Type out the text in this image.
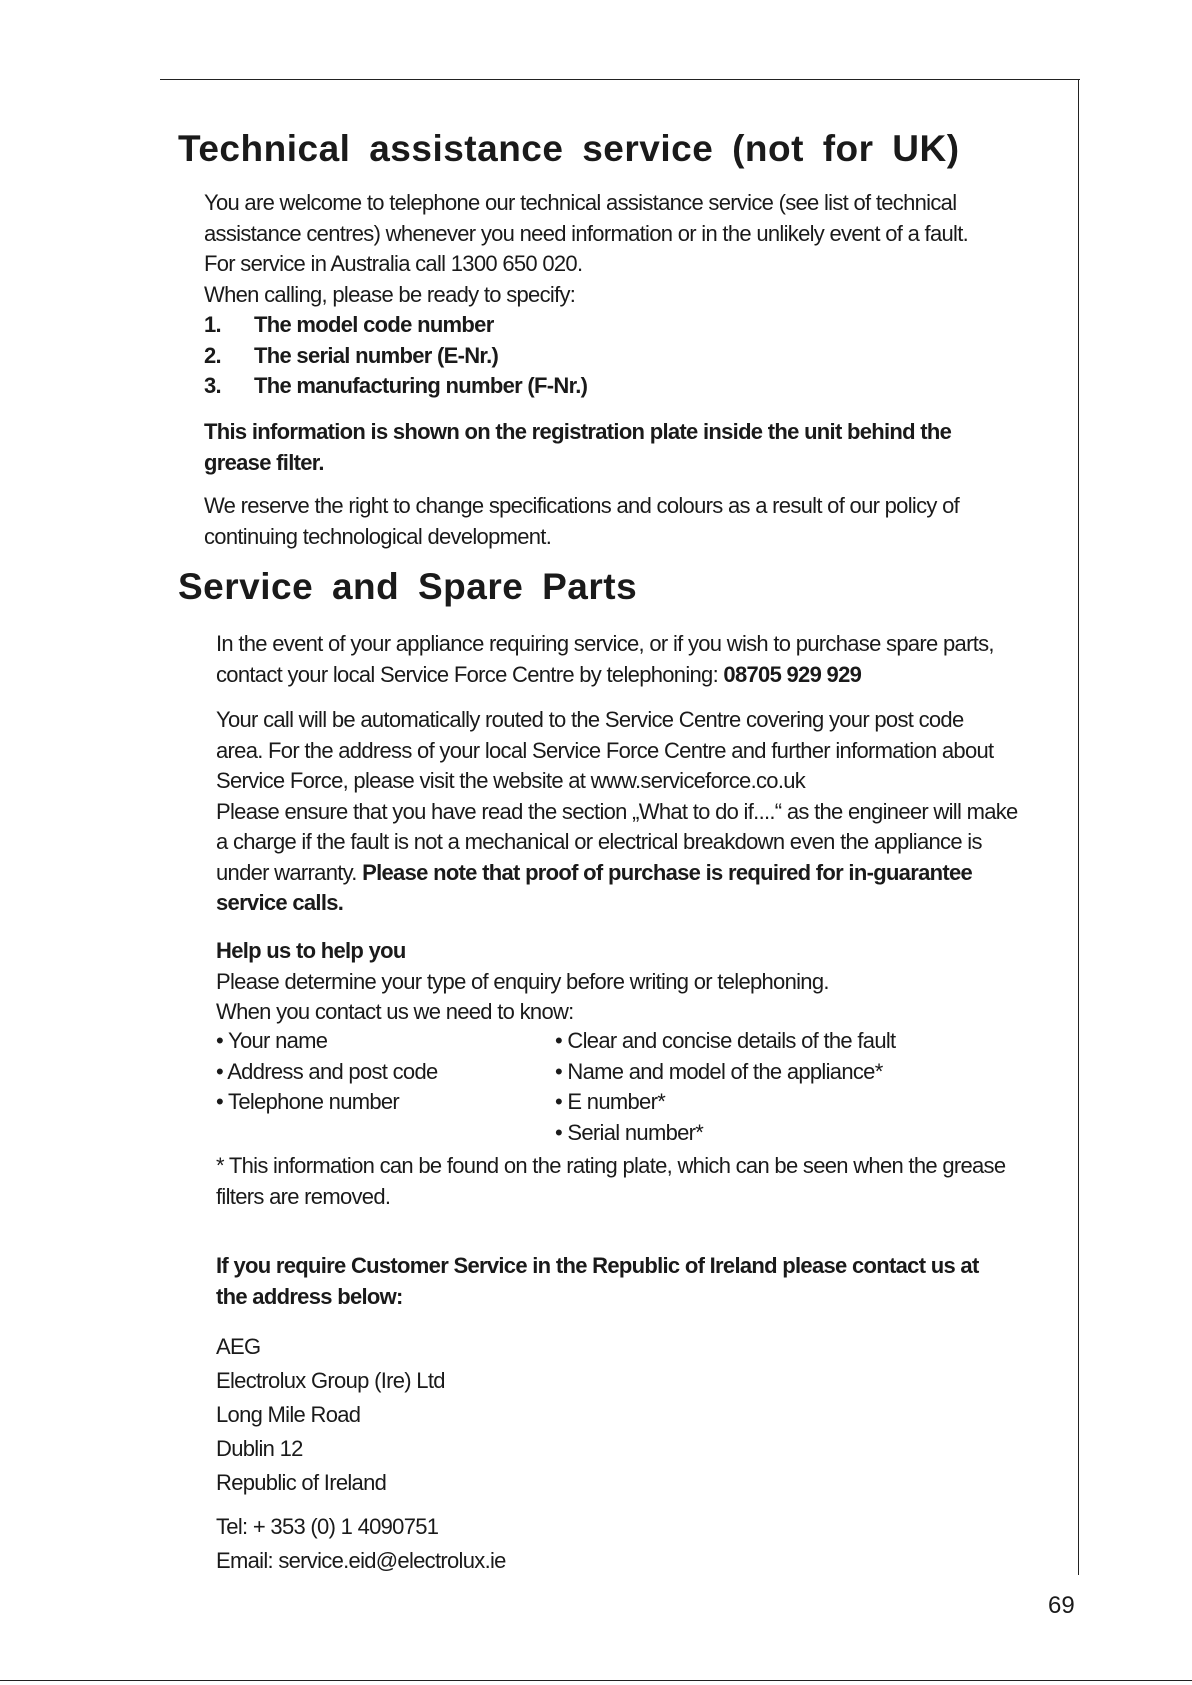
Technical assistance service (not for UK)
You are welcome to telephone our technical assistance service (see list of technical
assistance centres) whenever you need information or in the unlikely event of a fault.
For service in Australia call 1300 650 020.
When calling, please be ready to specify:
1. The model code number
2. The serial number (E-Nr.)
3. The manufacturing number (F-Nr.)
This information is shown on the registration plate inside the unit behind the
grease filter.
We reserve the right to change specifications and colours as a result of our policy of
continuing technological development.
Service and Spare Parts
In the event of your appliance requiring service, or if you wish to purchase spare parts,
contact your local Service Force Centre by telephoning: 08705 929 929
Your call will be automatically routed to the Service Centre covering your post code
area. For the address of your local Service Force Centre and further information about
Service Force, please visit the website at www.serviceforce.co.uk
Please ensure that you have read the section „What to do if....“ as the engineer will make
a charge if the fault is not a mechanical or electrical breakdown even the appliance is
under warranty. Please note that proof of purchase is required for in-guarantee
service calls.
Help us to help you
Please determine your type of enquiry before writing or telephoning.
When you contact us we need to know:
• Your name
• Address and post code
• Telephone number
• Clear and concise details of the fault
• Name and model of the appliance*
• E number*
• Serial number*
* This information can be found on the rating plate, which can be seen when the grease
filters are removed.
If you require Customer Service in the Republic of Ireland please contact us at
the address below:
AEG
Electrolux Group (Ire) Ltd
Long Mile Road
Dublin 12
Republic of Ireland
Tel: + 353 (0) 1 4090751
Email: service.eid@electrolux.ie

69
